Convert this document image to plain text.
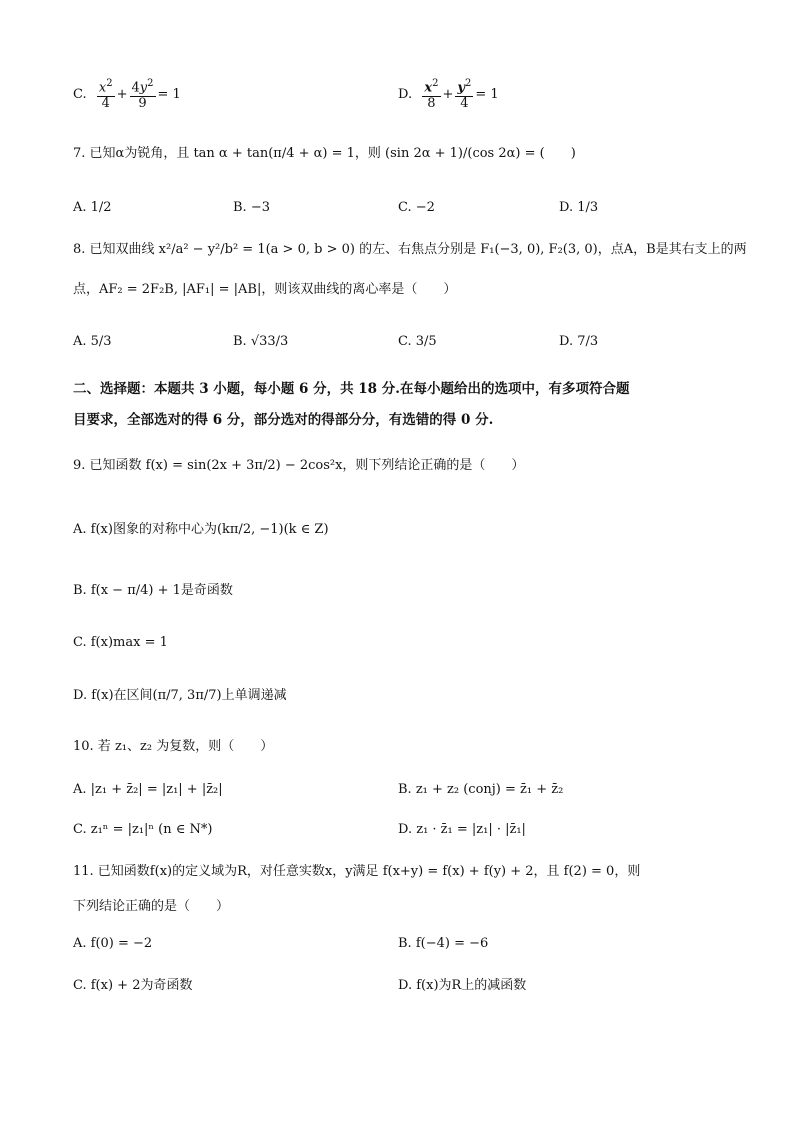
C. $\frac{x^2}{4} + \frac{4y^2}{9} = 1$	D. $\frac{x^2}{8} + \frac{y^2}{4} = 1$
7. 已知α为锐角，且 tan α + tan(π/4 + α) = 1，则 (sin 2α + 1)/(cos 2α) = (　　)
A. 1/2	B. −3	C. −2	D. 1/3
8. 已知双曲线 x²/a² − y²/b² = 1(a > 0, b > 0) 的左、右焦点分别是 F₁(−3, 0), F₂(3, 0)，点A，B是其右支上的两
点，AF₂ = 2F₂B, |AF₁| = |AB|，则该双曲线的离心率是（　　）
A. 5/3	B. √33/3	C. 3/5	D. 7/3
二、选择题：本题共 3 小题，每小题 6 分，共 18 分.在每小题给出的选项中，有多项符合题
目要求，全部选对的得 6 分，部分选对的得部分分，有选错的得 0 分.
9. 已知函数 f(x) = sin(2x + 3π/2) − 2cos²x，则下列结论正确的是（　　）
A. f(x)图象的对称中心为(kπ/2, −1)(k ∈ Z)
B. f(x − π/4) + 1是奇函数
C. f(x)max = 1
D. f(x)在区间(π/7, 3π/7)上单调递减
10. 若 z₁、z₂ 为复数，则（　　）
A. |z₁ + z̄₂| = |z₁| + |z̄₂|	B. z₁ + z₂ (conj) = z̄₁ + z̄₂
C. z₁ⁿ = |z₁|ⁿ (n ∈ N*)	D. z₁ · z̄₁ = |z₁| · |z̄₁|
11. 已知函数f(x)的定义域为R，对任意实数x，y满足 f(x+y) = f(x) + f(y) + 2，且 f(2) = 0，则
下列结论正确的是（　　）
A. f(0) = −2	B. f(−4) = −6
C. f(x) + 2为奇函数	D. f(x)为R上的减函数
